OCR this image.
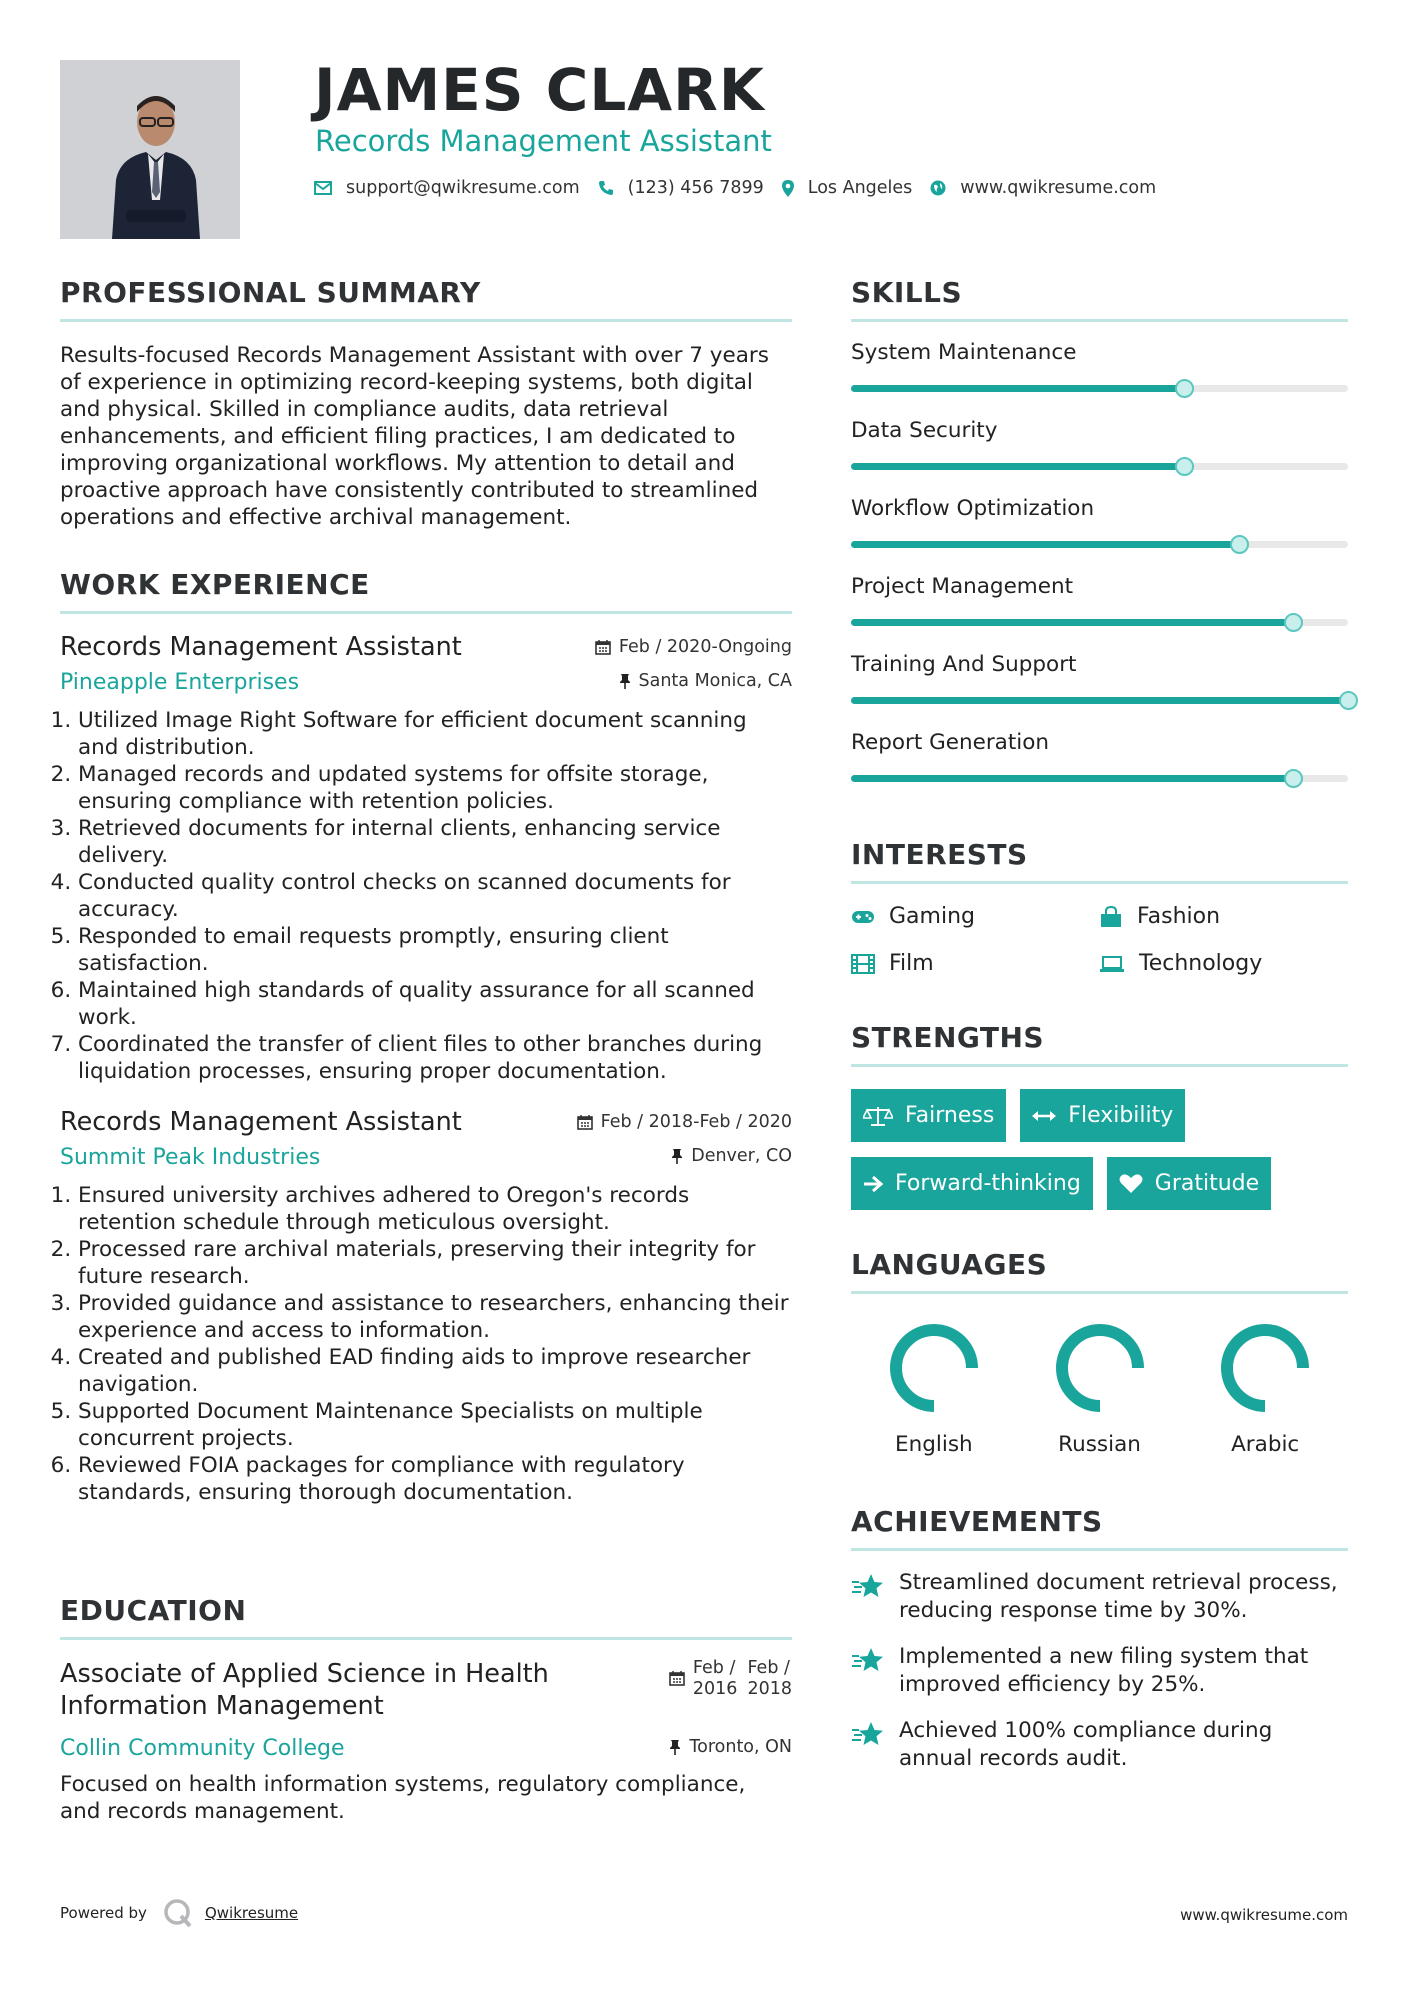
JAMES CLARK
Records Management Assistant
support@qwikresume.com	(123) 456 7899	Los Angeles	www.qwikresume.com
PROFESSIONAL SUMMARY
Results-focused Records Management Assistant with over 7 years of experience in optimizing record-keeping systems, both digital and physical. Skilled in compliance audits, data retrieval enhancements, and efficient filing practices, I am dedicated to improving organizational workflows. My attention to detail and proactive approach have consistently contributed to streamlined operations and effective archival management.
WORK EXPERIENCE
Records Management Assistant	Feb / 2020-Ongoing
Pineapple Enterprises	Santa Monica, CA
1. Utilized Image Right Software for efficient document scanning and distribution.
2. Managed records and updated systems for offsite storage, ensuring compliance with retention policies.
3. Retrieved documents for internal clients, enhancing service delivery.
4. Conducted quality control checks on scanned documents for accuracy.
5. Responded to email requests promptly, ensuring client satisfaction.
6. Maintained high standards of quality assurance for all scanned work.
7. Coordinated the transfer of client files to other branches during liquidation processes, ensuring proper documentation.
Records Management Assistant	Feb / 2018-Feb / 2020
Summit Peak Industries	Denver, CO
1. Ensured university archives adhered to Oregon's records retention schedule through meticulous oversight.
2. Processed rare archival materials, preserving their integrity for future research.
3. Provided guidance and assistance to researchers, enhancing their experience and access to information.
4. Created and published EAD finding aids to improve researcher navigation.
5. Supported Document Maintenance Specialists on multiple concurrent projects.
6. Reviewed FOIA packages for compliance with regulatory standards, ensuring thorough documentation.
EDUCATION
Associate of Applied Science in Health Information Management
Feb /
2016
Feb /
2018
Collin Community College	Toronto, ON
Focused on health information systems, regulatory compliance, and records management.
SKILLS
System Maintenance
Data Security
Workflow Optimization
Project Management
Training And Support
Report Generation
INTERESTS
Gaming	Fashion
Film	Technology
STRENGTHS
Fairness	Flexibility
Forward-thinking	Gratitude
LANGUAGES
English	Russian	Arabic
ACHIEVEMENTS
Streamlined document retrieval process, reducing response time by 30%.
Implemented a new filing system that improved efficiency by 25%.
Achieved 100% compliance during annual records audit.
Powered by	Qwikresume	www.qwikresume.com
